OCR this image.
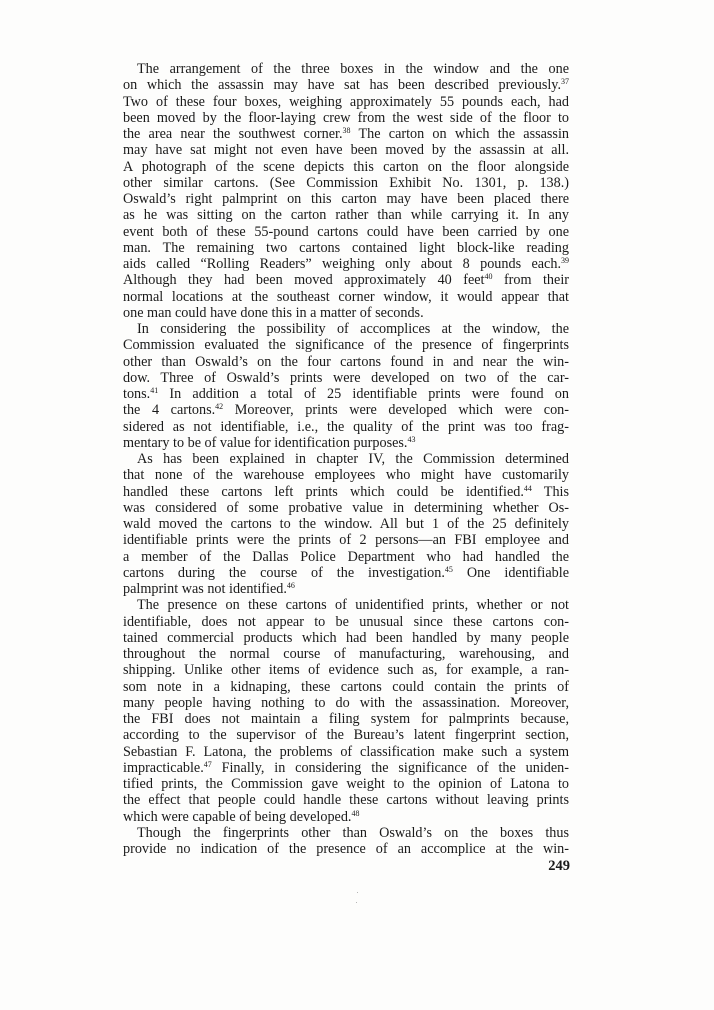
The arrangement of the three boxes in the window and the one
on which the assassin may have sat has been described previously.$^{37}$
Two of these four boxes, weighing approximately 55 pounds each, had
been moved by the floor-laying crew from the west side of the floor to
the area near the southwest corner.$^{38}$ The carton on which the assassin
may have sat might not even have been moved by the assassin at all.
A photograph of the scene depicts this carton on the floor alongside
other similar cartons. (See Commission Exhibit No. 1301, p. 138.)
Oswald’s right palmprint on this carton may have been placed there
as he was sitting on the carton rather than while carrying it. In any
event both of these 55-pound cartons could have been carried by one
man. The remaining two cartons contained light block-like reading
aids called “Rolling Readers” weighing only about 8 pounds each.$^{39}$
Although they had been moved approximately 40 feet$^{40}$ from their
normal locations at the southeast corner window, it would appear that
one man could have done this in a matter of seconds.
In considering the possibility of accomplices at the window, the
Commission evaluated the significance of the presence of fingerprints
other than Oswald’s on the four cartons found in and near the win-
dow. Three of Oswald’s prints were developed on two of the car-
tons.$^{41}$ In addition a total of 25 identifiable prints were found on
the 4 cartons.$^{42}$ Moreover, prints were developed which were con-
sidered as not identifiable, i.e., the quality of the print was too frag-
mentary to be of value for identification purposes.$^{43}$
As has been explained in chapter IV, the Commission determined
that none of the warehouse employees who might have customarily
handled these cartons left prints which could be identified.$^{44}$ This
was considered of some probative value in determining whether Os-
wald moved the cartons to the window. All but 1 of the 25 definitely
identifiable prints were the prints of 2 persons—an FBI employee and
a member of the Dallas Police Department who had handled the
cartons during the course of the investigation.$^{45}$ One identifiable
palmprint was not identified.$^{46}$
The presence on these cartons of unidentified prints, whether or not
identifiable, does not appear to be unusual since these cartons con-
tained commercial products which had been handled by many people
throughout the normal course of manufacturing, warehousing, and
shipping. Unlike other items of evidence such as, for example, a ran-
som note in a kidnaping, these cartons could contain the prints of
many people having nothing to do with the assassination. Moreover,
the FBI does not maintain a filing system for palmprints because,
according to the supervisor of the Bureau’s latent fingerprint section,
Sebastian F. Latona, the problems of classification make such a system
impracticable.$^{47}$ Finally, in considering the significance of the uniden-
tified prints, the Commission gave weight to the opinion of Latona to
the effect that people could handle these cartons without leaving prints
which were capable of being developed.$^{48}$
Though the fingerprints other than Oswald’s on the boxes thus
provide no indication of the presence of an accomplice at the win-
249
